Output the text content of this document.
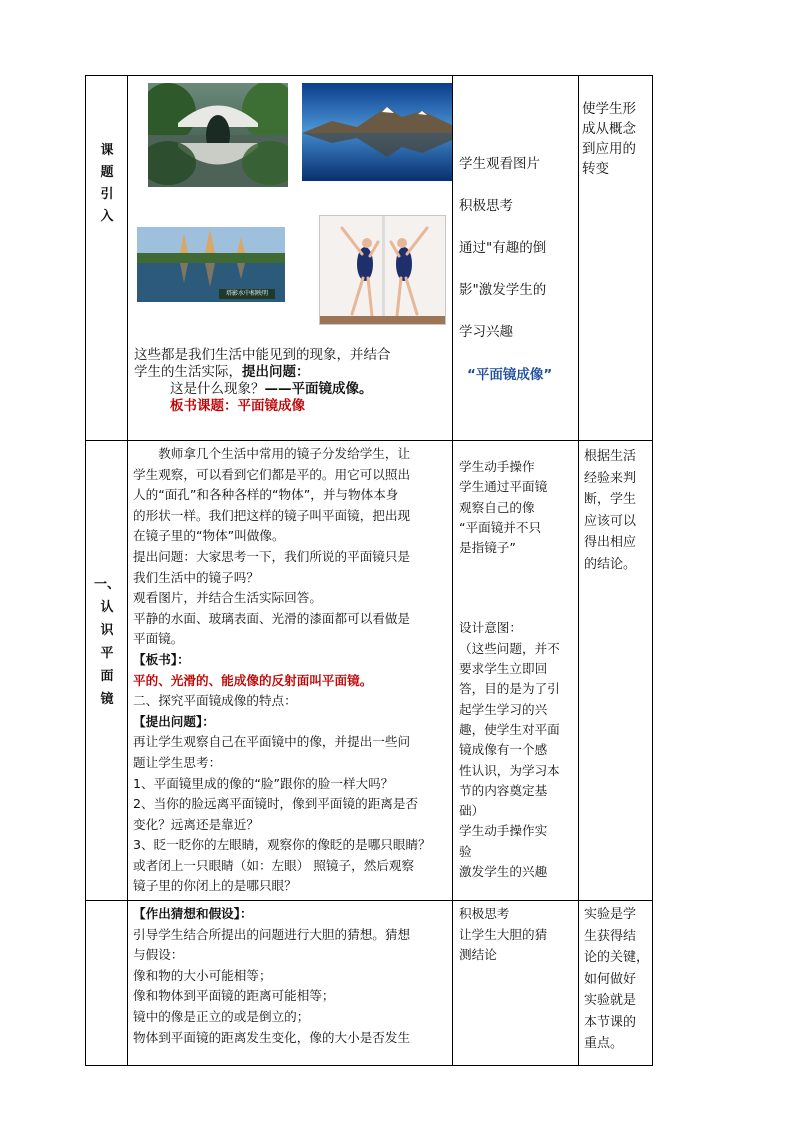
课
题
引
入
塔影水中相映明

这些都是我们生活中能见到的现象，并结合

学生的生活实际，提出问题：

这是什么现象？——平面镜成像。

板书课题：平面镜成像

学生观看图片

积极思考

通过"有趣的倒

影"激发学生的

学习兴趣

“平面镜成像”

使学生形

成从概念

到应用的

转变

一、
认
识
平
面
镜

　　教师拿几个生活中常用的镜子分发给学生，让

学生观察，可以看到它们都是平的。用它可以照出

人的“面孔”和各种各样的“物体”，并与物体本身

的形状一样。我们把这样的镜子叫平面镜，把出现

在镜子里的“物体”叫做像。

提出问题：大家思考一下，我们所说的平面镜只是

我们生活中的镜子吗？

观看图片，并结合生活实际回答。

平静的水面、玻璃表面、光滑的漆面都可以看做是

平面镜。

【板书】：

平的、光滑的、能成像的反射面叫平面镜。

二、探究平面镜成像的特点：

【提出问题】：

再让学生观察自己在平面镜中的像，并提出一些问

题让学生思考：

1、平面镜里成的像的“脸”跟你的脸一样大吗？

2、当你的脸远离平面镜时，像到平面镜的距离是否

变化？远离还是靠近？

3、眨一眨你的左眼睛，观察你的像眨的是哪只眼睛？

或者闭上一只眼睛（如：左眼） 照镜子，然后观察

镜子里的你闭上的是哪只眼？

学生动手操作

学生通过平面镜

观察自己的像

“平面镜并不只

是指镜子”

设计意图：

（这些问题，并不

要求学生立即回

答，目的是为了引

起学生学习的兴

趣，使学生对平面

镜成像有一个感

性认识，为学习本

节的内容奠定基

础）

学生动手操作实

验

激发学生的兴趣

根据生活

经验来判

断，学生

应该可以

得出相应

的结论。

【作出猜想和假设】：

引导学生结合所提出的问题进行大胆的猜想。猜想

与假设：

像和物的大小可能相等；

像和物体到平面镜的距离可能相等；

镜中的像是正立的或是倒立的；

物体到平面镜的距离发生变化，像的大小是否发生

积极思考

让学生大胆的猜

测结论

实验是学

生获得结

论的关键，

如何做好

实验就是

本节课的

重点。
